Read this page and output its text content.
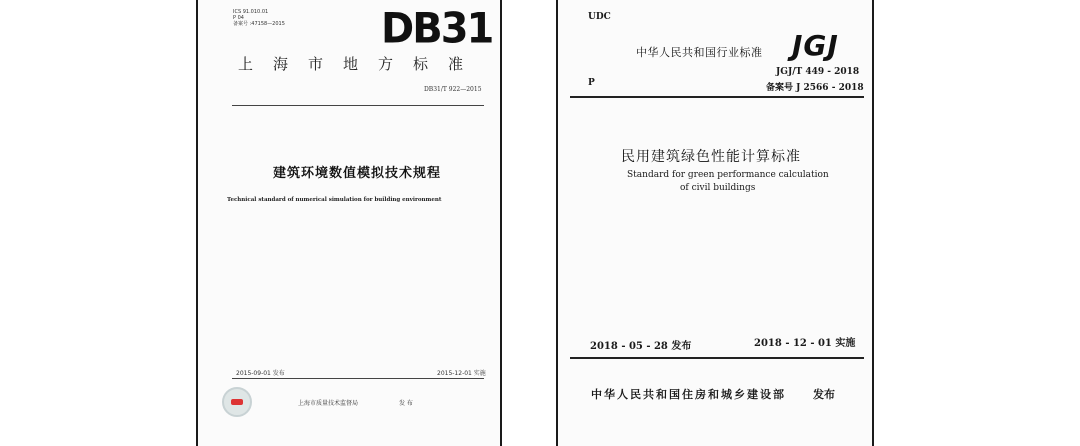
ICS 91.010.01
P 04
备案号 :47158—2015 DB31
上海市地方标准
DB31/T 922—2015
建筑环境数值模拟技术规程
Technical standard of numerical simulation for building environment
2015-09-01 发布	2015-12-01 实施
上海市质量技术监督局	发 布
UDC
中华人民共和国行业标准 JGJ
P
JGJ/T 449 - 2018
备案号 J 2566 - 2018
民用建筑绿色性能计算标准
Standard for green performance calculation
of civil buildings
2018 - 05 - 28 发布	2018 - 12 - 01 实施
中华人民共和国住房和城乡建设部 发布
